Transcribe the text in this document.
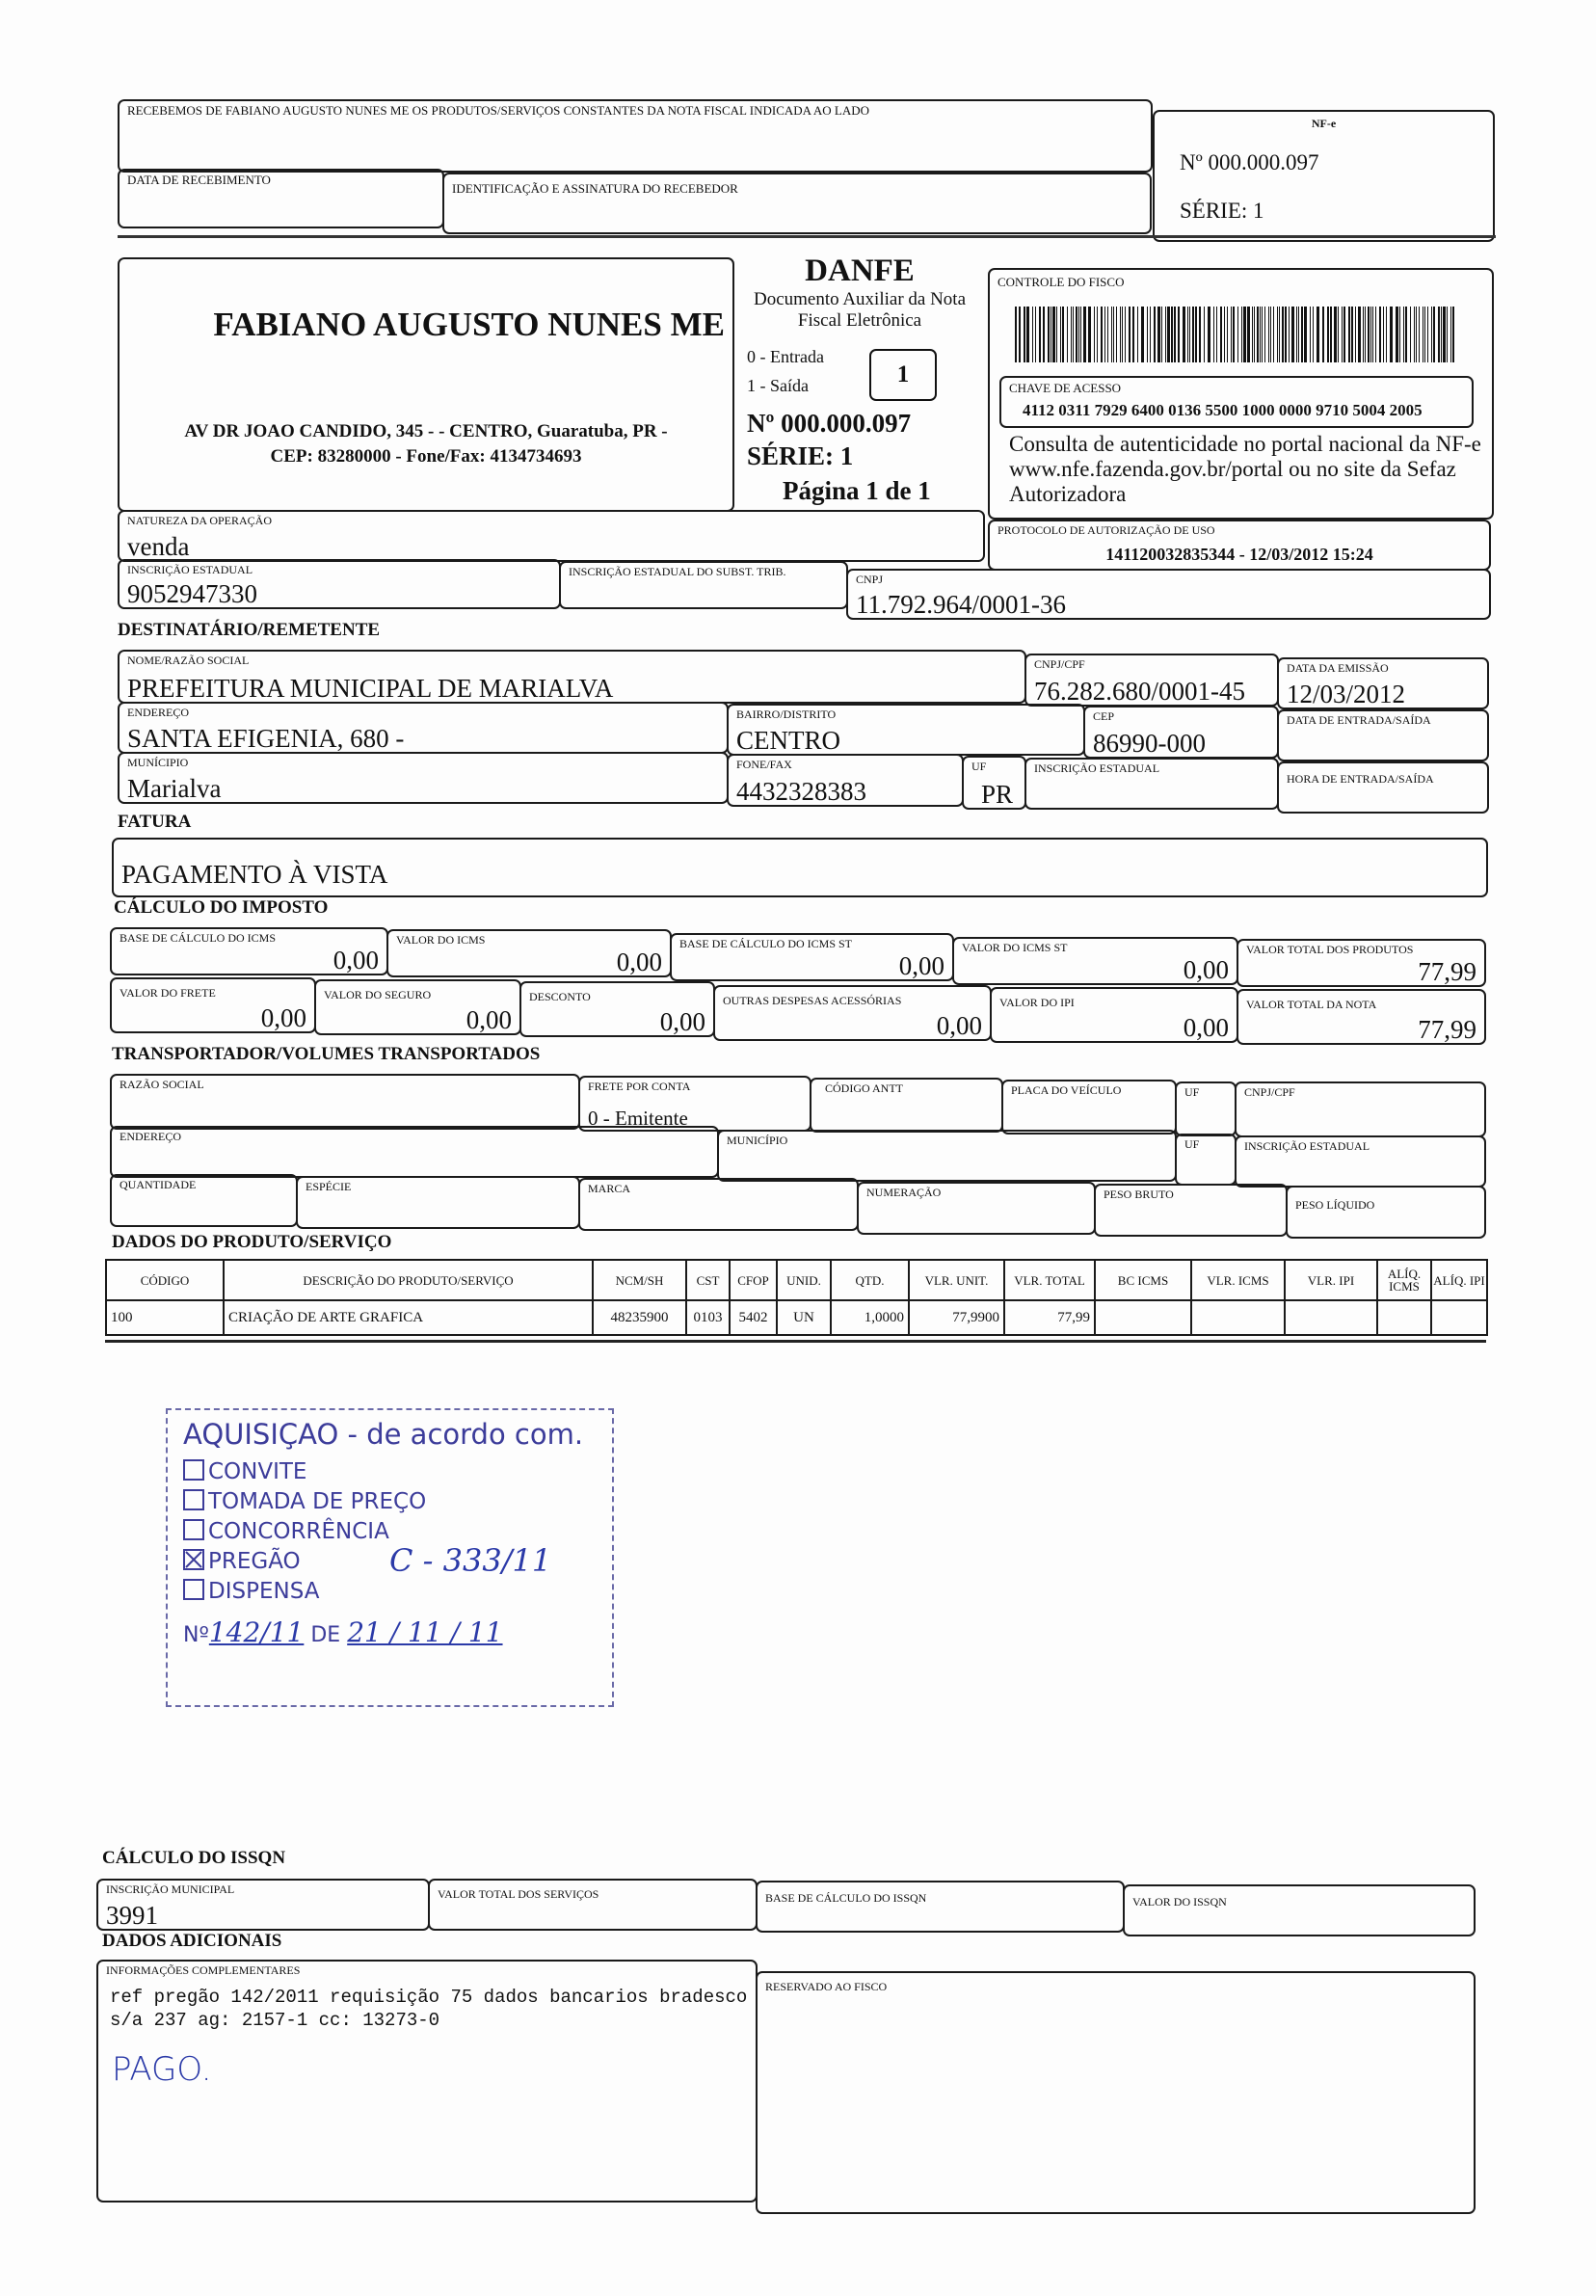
RECEBEMOS DE FABIANO AUGUSTO NUNES ME OS PRODUTOS/SERVIÇOS CONSTANTES DA NOTA FISCAL INDICADA AO LADO
DATA DE RECEBIMENTO
IDENTIFICAÇÃO E ASSINATURA DO RECEBEDOR
NF-e
Nº 000.000.097
SÉRIE: 1
FABIANO AUGUSTO NUNES ME
AV DR JOAO CANDIDO, 345 - - CENTRO, Guaratuba, PR -
CEP: 83280000 - Fone/Fax: 4134734693
DANFE
Documento Auxiliar da Nota
Fiscal Eletrônica
0 - Entrada
1 - Saída	1
Nº 000.000.097
SÉRIE: 1
Página 1 de 1
CONTROLE DO FISCO
CHAVE DE ACESSO
4112 0311 7929 6400 0136 5500 1000 0000 9710 5004 2005
Consulta de autenticidade no portal nacional da NF-e www.nfe.fazenda.gov.br/portal ou no site da Sefaz Autorizadora
NATUREZA DA OPERAÇÃO
venda
PROTOCOLO DE AUTORIZAÇÃO DE USO
141120032835344 - 12/03/2012 15:24
INSCRIÇÃO ESTADUAL
9052947330
INSCRIÇÃO ESTADUAL DO SUBST. TRIB.
CNPJ
11.792.964/0001-36
DESTINATÁRIO/REMETENTE
NOME/RAZÃO SOCIAL
PREFEITURA MUNICIPAL DE MARIALVA
CNPJ/CPF
76.282.680/0001-45
DATA DA EMISSÃO
12/03/2012
ENDEREÇO
SANTA EFIGENIA, 680 -
BAIRRO/DISTRITO
CENTRO
CEP
86990-000
DATA DE ENTRADA/SAÍDA
MUNÍCIPIO
Marialva
FONE/FAX
4432328383
UF
PR
INSCRIÇÃO ESTADUAL
HORA DE ENTRADA/SAÍDA
FATURA
PAGAMENTO À VISTA
CÁLCULO DO IMPOSTO
TRANSPORTADOR/VOLUMES TRANSPORTADOS
RAZÃO SOCIAL	FRETE POR CONTA
0 - Emitente
CÓDIGO ANTT	PLACA DO VEÍCULO	UF	CNPJ/CPF
ENDEREÇO	MUNICÍPIO	UF	INSCRIÇÃO ESTADUAL
QUANTIDADE	ESPÉCIE	MARCA	NUMERAÇÃO	PESO BRUTO
PESO LÍQUIDO
DADOS DO PRODUTO/SERVIÇO
AQUISIÇAO - de acordo com.
Nº142/11 DE 21 / 11 / 11
C - 333/11
CONVITE
TOMADA DE PREÇO
CONCORRÊNCIA
PREGÃO
DISPENSA
CÁLCULO DO ISSQN
INSCRIÇÃO MUNICIPAL
3991
VALOR TOTAL DOS SERVIÇOS	BASE DE CÁLCULO DO ISSQN	VALOR DO ISSQN
DADOS ADICIONAIS
INFORMAÇÕES COMPLEMENTARES
ref pregão 142/2011 requisição 75 dados bancarios bradesco
s/a 237 ag: 2157-1 cc: 13273-0
PAGO.
RESERVADO AO FISCO
BASE DE CÁLCULO DO ICMS
0,00
VALOR DO ICMS
0,00
BASE DE CÁLCULO DO ICMS ST
0,00
VALOR DO ICMS ST
0,00
VALOR TOTAL DOS PRODUTOS
77,99
VALOR DO FRETE
0,00
VALOR DO SEGURO
0,00
DESCONTO
0,00
OUTRAS DESPESAS ACESSÓRIAS
0,00
VALOR DO IPI
0,00
VALOR TOTAL DA NOTA
77,99
CÓDIGO	DESCRIÇÃO DO PRODUTO/SERVIÇO	NCM/SH	CST	CFOP	UNID.	QTD.	VLR. UNIT.	VLR. TOTAL	BC ICMS	VLR. ICMS	VLR. IPI	ALÍQ. ICMS	ALÍQ. IPI
100	CRIAÇÃO DE ARTE GRAFICA	48235900	0103	5402	UN	1,0000	77,9900	77,99
